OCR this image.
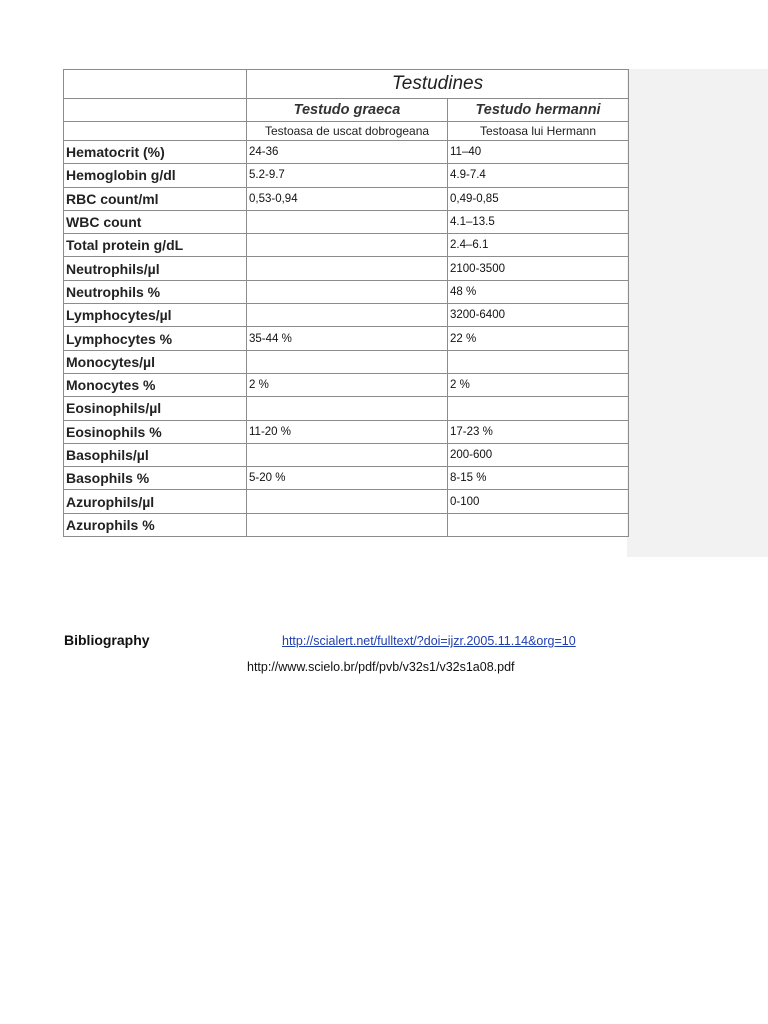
	Testudines	
	Testudo graeca	Testudo hermanni
	Testoasa de uscat dobrogeana	Testoasa lui Hermann
Hematocrit (%)	24-36	11–40
Hemoglobin g/dl	5.2-9.7	4.9-7.4
RBC count/ml	0,53-0,94	0,49-0,85
WBC count		4.1–13.5
Total protein g/dL		2.4–6.1
Neutrophils/µl		2100-3500
Neutrophils %		48 %
Lymphocytes/µl		3200-6400
Lymphocytes %	35-44 %	22 %
Monocytes/µl		
Monocytes %	2 %	2 %
Eosinophils/µl		
Eosinophils %	11-20 %	17-23 %
Basophils/µl		200-600
Basophils %	5-20 %	8-15 %
Azurophils/µl		0-100
Azurophils %		
Bibliography	http://scialert.net/fulltext/?doi=ijzr.2005.11.14&org=10
http://www.scielo.br/pdf/pvb/v32s1/v32s1a08.pdf
